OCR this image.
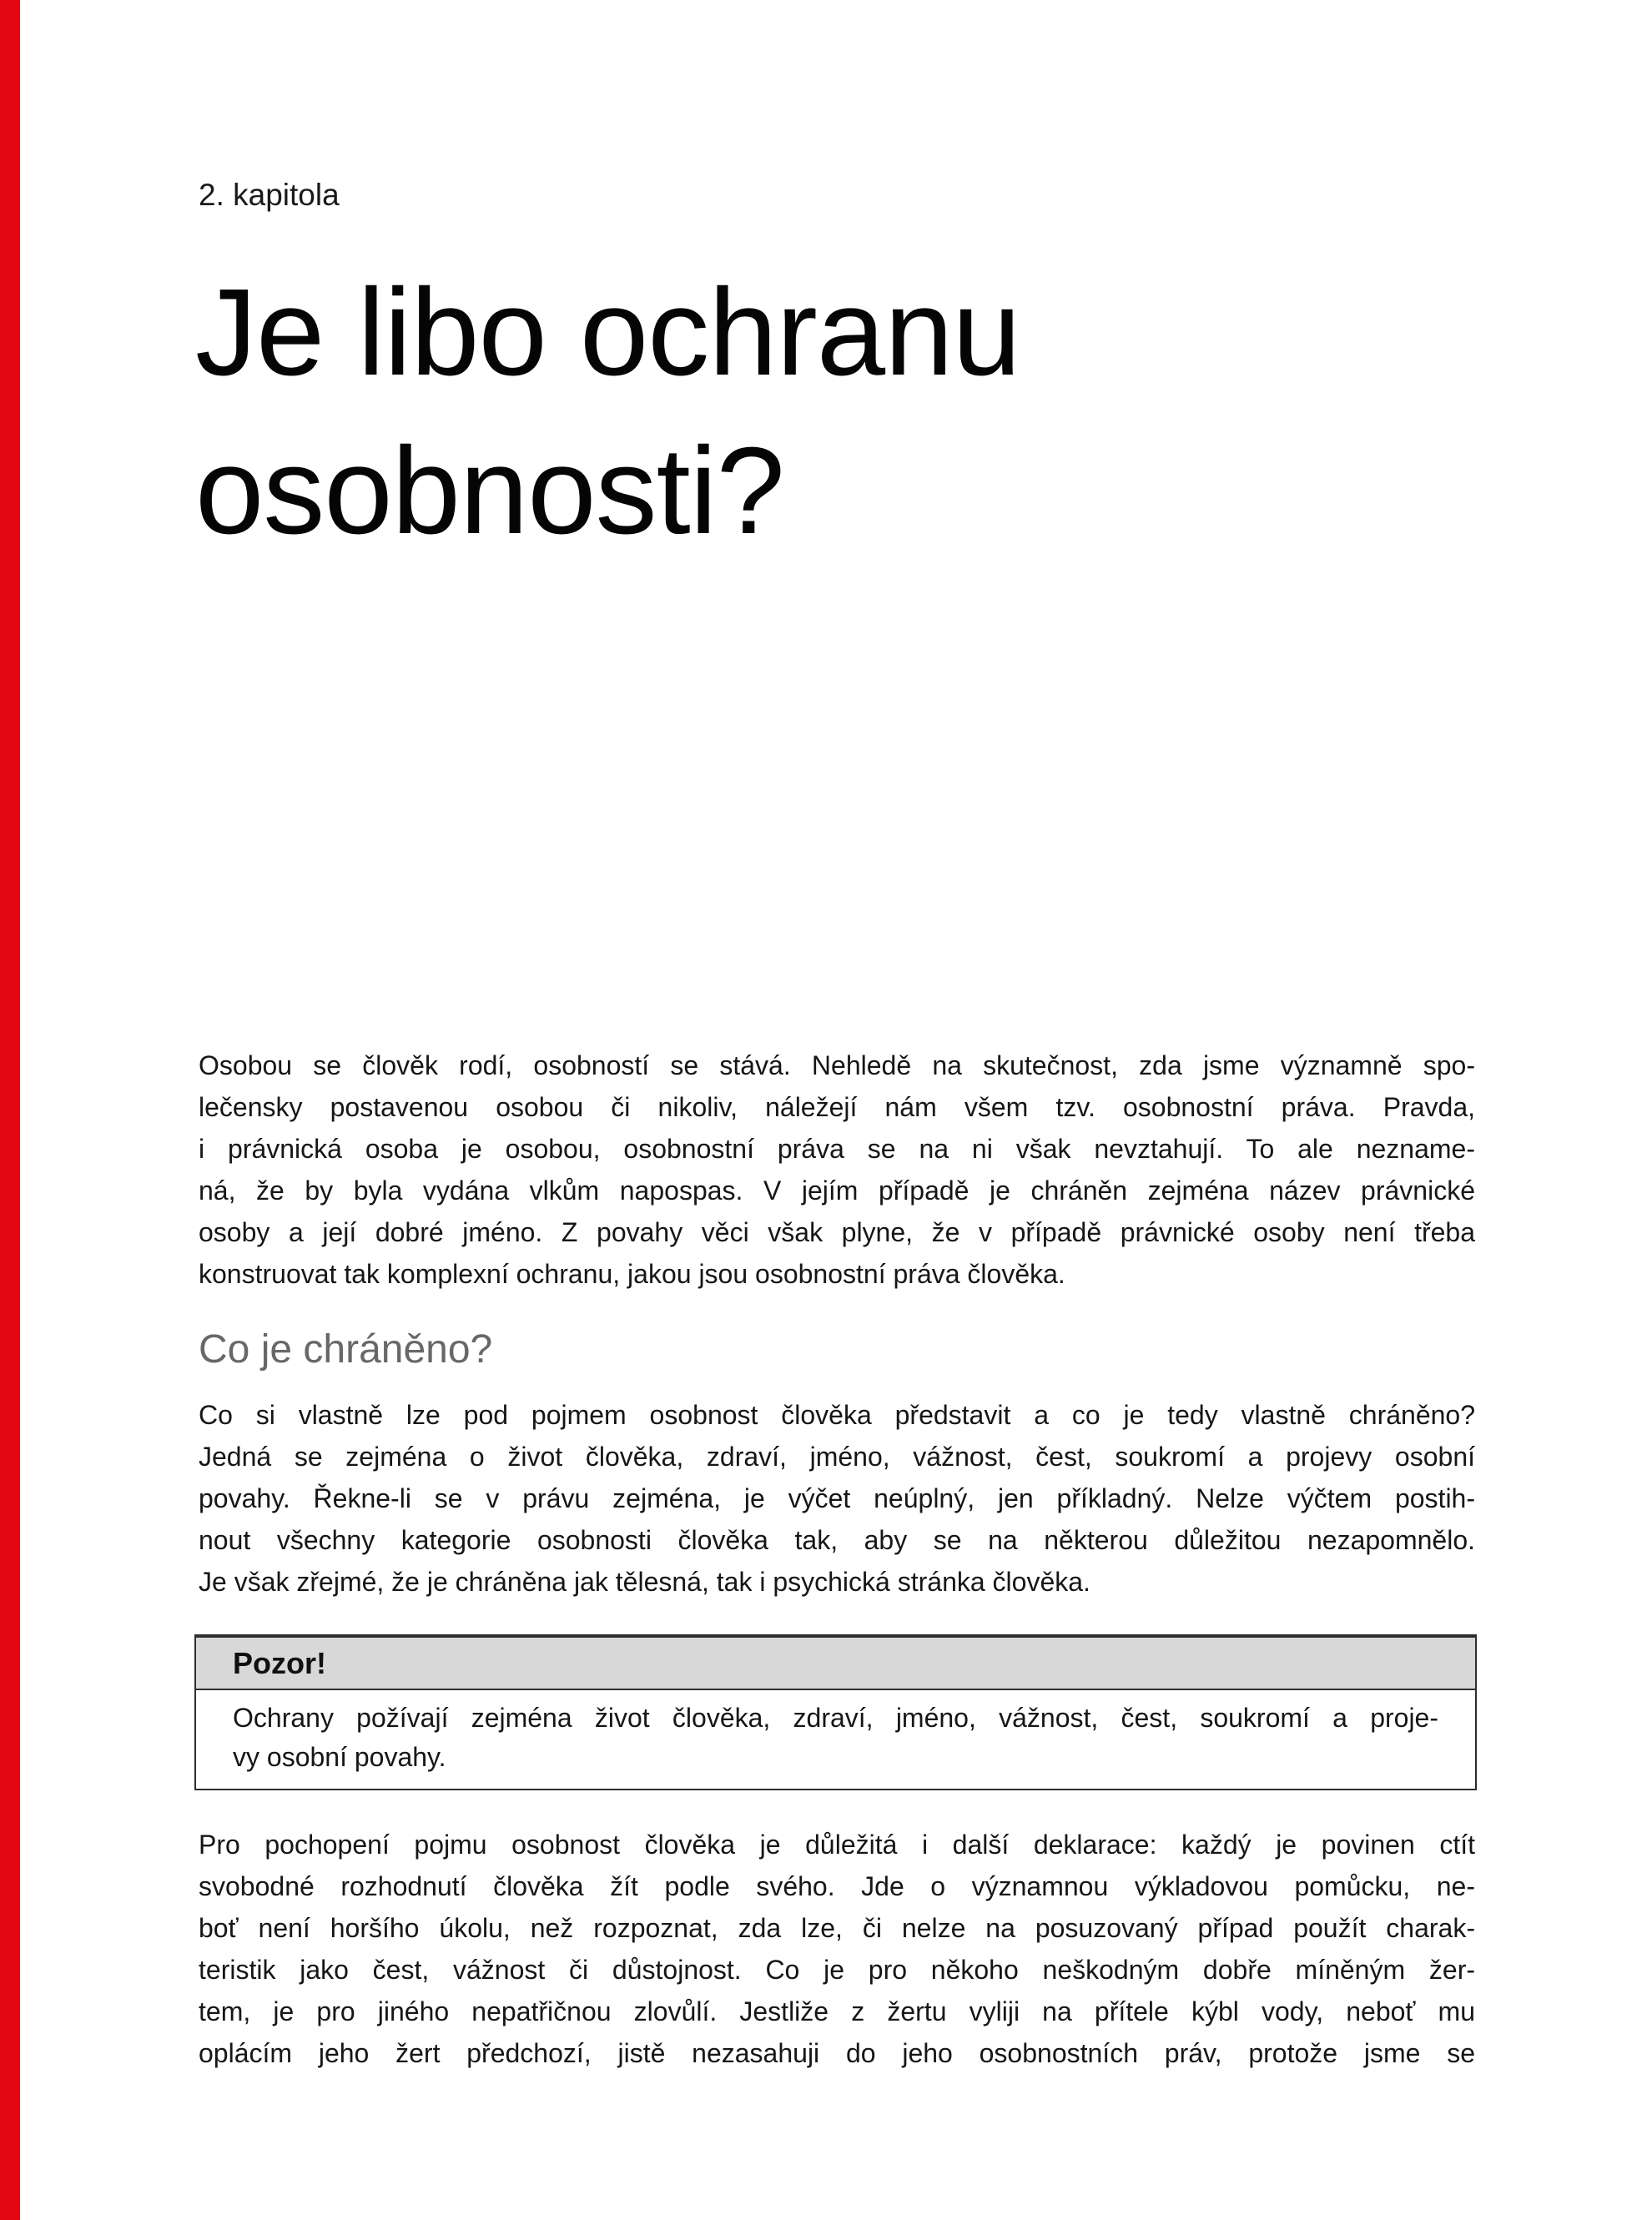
2. kapitola
Je libo ochranu
osobnosti?
Osobou se člověk rodí, osobností se stává. Nehledě na skutečnost, zda jsme významně spo-
lečensky postavenou osobou či nikoliv, náležejí nám všem tzv. osobnostní práva. Pravda,
i právnická osoba je osobou, osobnostní práva se na ni však nevztahují. To ale nezname-
ná, že by byla vydána vlkům napospas. V jejím případě je chráněn zejména název právnické
osoby a její dobré jméno. Z povahy věci však plyne, že v případě právnické osoby není třeba
konstruovat tak komplexní ochranu, jakou jsou osobnostní práva člověka.
Co je chráněno?
Co si vlastně lze pod pojmem osobnost člověka představit a co je tedy vlastně chráněno?
Jedná se zejména o život člověka, zdraví, jméno, vážnost, čest, soukromí a projevy osobní
povahy. Řekne-li se v právu zejména, je výčet neúplný, jen příkladný. Nelze výčtem postih-
nout všechny kategorie osobnosti člověka tak, aby se na některou důležitou nezapomnělo.
Je však zřejmé, že je chráněna jak tělesná, tak i psychická stránka člověka.
Pozor!
Ochrany požívají zejména život člověka, zdraví, jméno, vážnost, čest, soukromí a proje-
vy osobní povahy.
Pro pochopení pojmu osobnost člověka je důležitá i další deklarace: každý je povinen ctít
svobodné rozhodnutí člověka žít podle svého. Jde o významnou výkladovou pomůcku, ne-
boť není horšího úkolu, než rozpoznat, zda lze, či nelze na posuzovaný případ použít charak-
teristik jako čest, vážnost či důstojnost. Co je pro někoho neškodným dobře míněným žer-
tem, je pro jiného nepatřičnou zlovůlí. Jestliže z žertu vyliji na přítele kýbl vody, neboť mu
oplácím jeho žert předchozí, jistě nezasahuji do jeho osobnostních práv, protože jsme se
